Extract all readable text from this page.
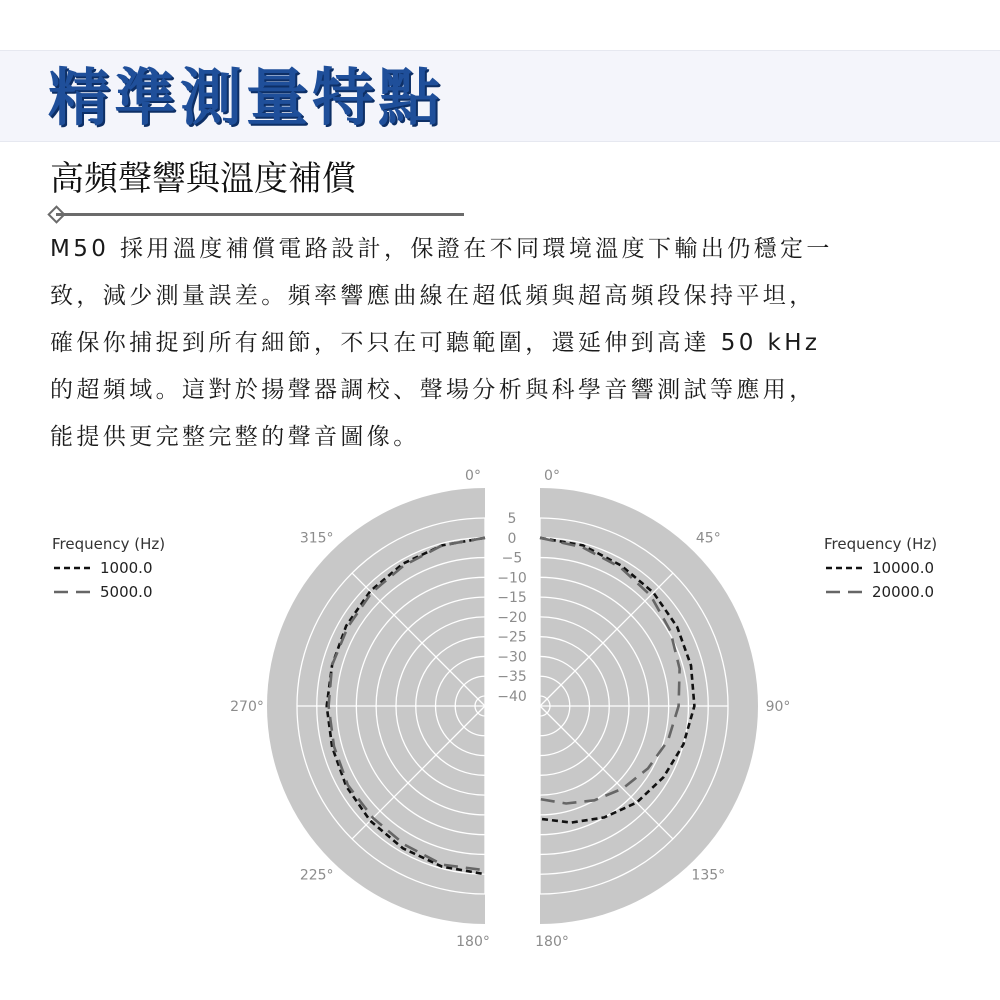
精準測量特點
高頻聲響與溫度補償
M50 採用溫度補償電路設計，保證在不同環境溫度下輸出仍穩定一
致，減少測量誤差。頻率響應曲線在超低頻與超高頻段保持平坦，
確保你捕捉到所有細節，不只在可聽範圍，還延伸到高達 50 kHz
的超頻域。這對於揚聲器調校、聲場分析與科學音響測試等應用，
能提供更完整完整的聲音圖像。
0°
315°
270°
225°
180°
0°
45°
90°
135°
180°
5
0
−5
−10
−15
−20
−25
−30
−35
−40
Frequency (Hz)
1000.0
5000.0
Frequency (Hz)
10000.0
20000.0
